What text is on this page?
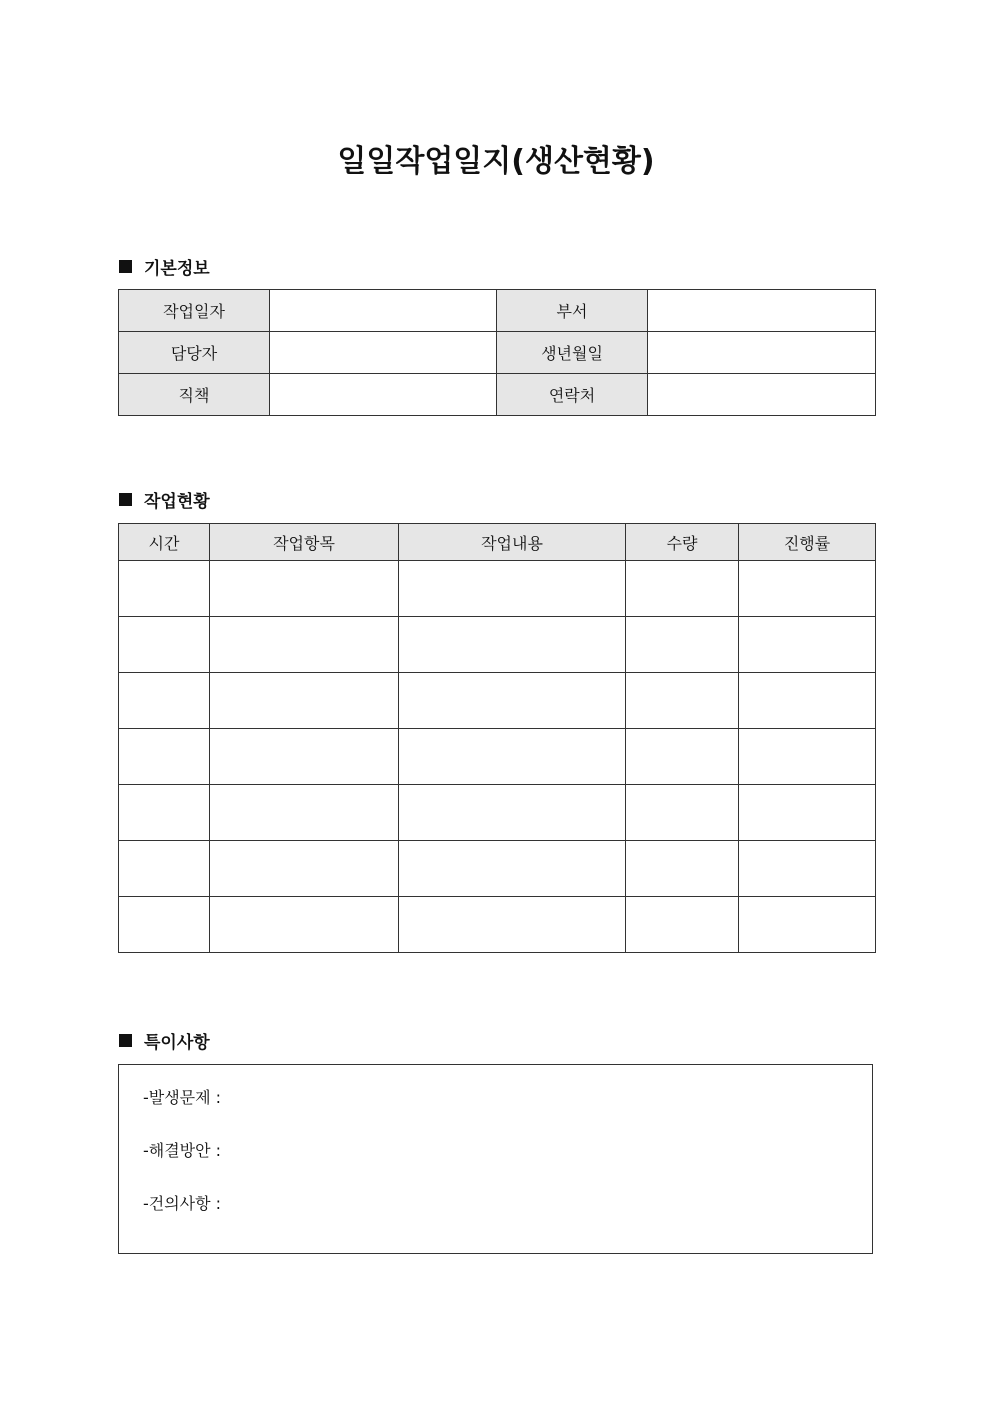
일일작업일지(생산현황)
기본정보
작업일자		부서	
담당자		생년월일	
직책		연락처	
작업현황
시간	작업항목	작업내용	수량	진행률

특이사항
-발생문제 :
-해결방안 :
-건의사항 :
